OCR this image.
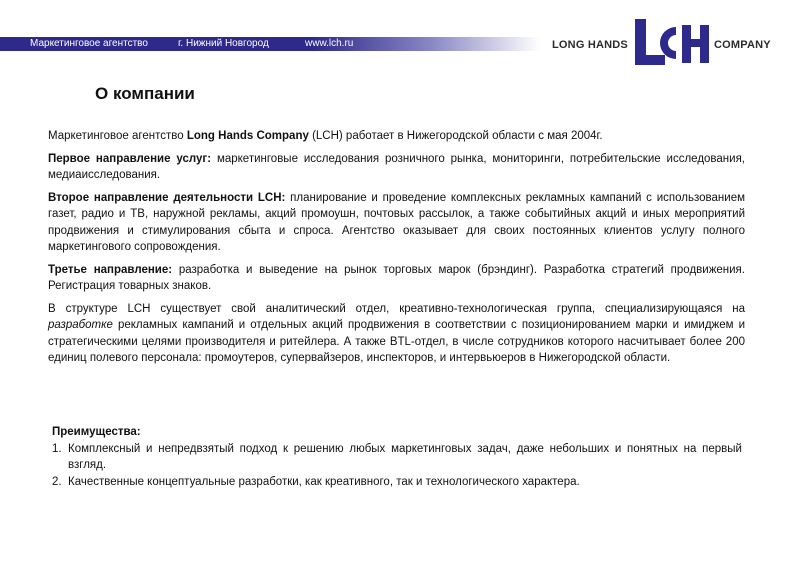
Маркетинговое агентство	г. Нижний Новгород	www.lch.ru	LONG HANDS	COMPANY
О компании

Маркетинговое агентство Long Hands Company (LCH) работает в Нижегородской области с мая 2004г.

Первое направление услуг: маркетинговые исследования розничного рынка, мониторинги, потребительские исследования, медиаисследования.

Второе направление деятельности LCH: планирование и проведение комплексных рекламных кампаний с использованием газет, радио и ТВ, наружной рекламы, акций промоушн, почтовых рассылок, а также событийных акций и иных мероприятий продвижения и стимулирования сбыта и спроса. Агентство оказывает для своих постоянных клиентов услугу полного маркетингового сопровождения.

Третье направление: разработка и выведение на рынок торговых марок (брэндинг). Разработка стратегий продвижения. Регистрация товарных знаков.

В структуре LCH существует свой аналитический отдел, креативно-технологическая группа, специализирующаяся на разработке рекламных кампаний и отдельных акций продвижения в соответствии с позиционированием марки и имиджем и стратегическими целями производителя и ритейлера. А также BTL-отдел, в числе сотрудников которого насчитывает более 200 единиц полевого персонала: промоутеров, супервайзеров, инспекторов, и интервьюеров в Нижегородской области.

Преимущества:
1. Комплексный и непредвзятый подход к решению любых маркетинговых задач, даже небольших и понятных на первый взгляд.
2. Качественные концептуальные разработки, как креативного, так и технологического характера.
